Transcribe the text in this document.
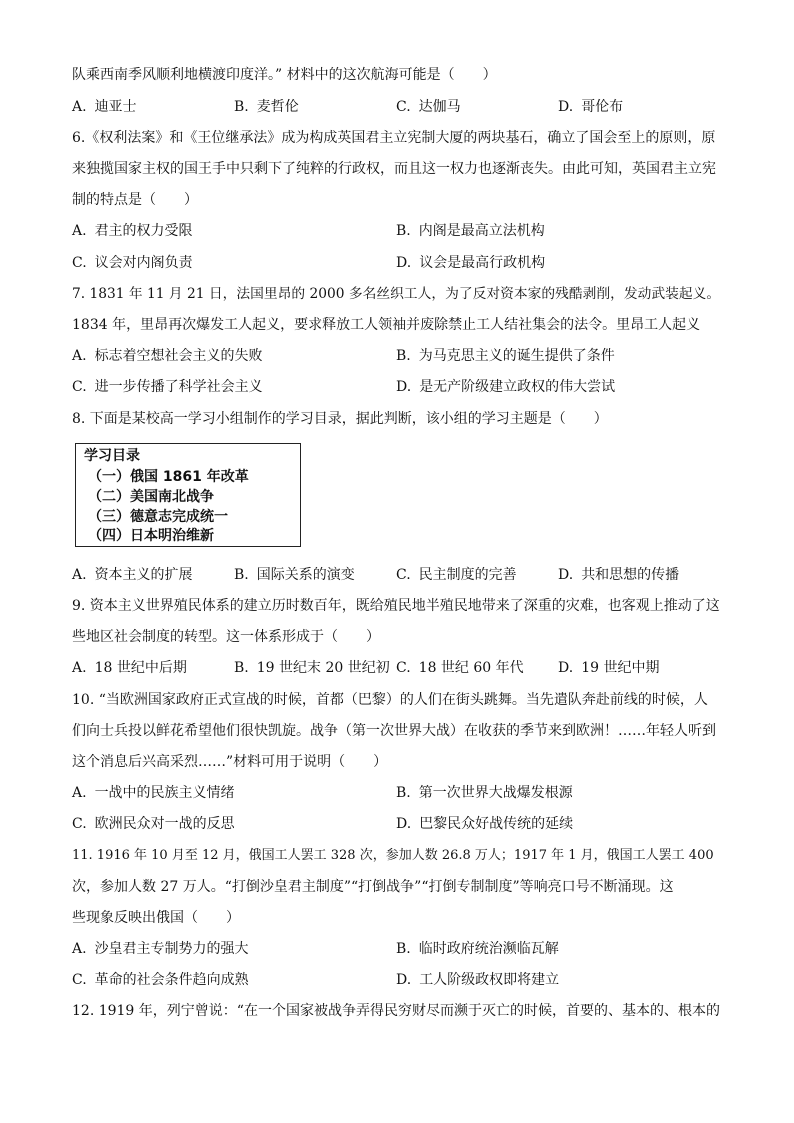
队乘西南季风顺利地横渡印度洋。” 材料中的这次航海可能是（　　）
A. 迪亚士	B. 麦哲伦	C. 达伽马	D. 哥伦布
6.《权利法案》和《王位继承法》成为构成英国君主立宪制大厦的两块基石，确立了国会至上的原则，原
来独揽国家主权的国王手中只剩下了纯粹的行政权，而且这一权力也逐渐丧失。由此可知，英国君主立宪
制的特点是（　　）
A. 君主的权力受限	B. 内阁是最高立法机构
C. 议会对内阁负责	D. 议会是最高行政机构
7. 1831 年 11 月 21 日，法国里昂的 2000 多名丝织工人，为了反对资本家的残酷剥削，发动武装起义。
1834 年，里昂再次爆发工人起义，要求释放工人领袖并废除禁止工人结社集会的法令。里昂工人起义
A. 标志着空想社会主义的失败	B. 为马克思主义的诞生提供了条件
C. 进一步传播了科学社会主义	D. 是无产阶级建立政权的伟大尝试
8. 下面是某校高一学习小组制作的学习目录，据此判断，该小组的学习主题是（　　）
学习目录
（一）俄国 1861 年改革
（二）美国南北战争
（三）德意志完成统一
（四）日本明治维新
A. 资本主义的扩展	B. 国际关系的演变	C. 民主制度的完善	D. 共和思想的传播
9. 资本主义世界殖民体系的建立历时数百年，既给殖民地半殖民地带来了深重的灾难，也客观上推动了这
些地区社会制度的转型。这一体系形成于（　　）
A. 18 世纪中后期	B. 19 世纪末 20 世纪初 C. 18 世纪 60 年代 D. 19 世纪中期
10. “当欧洲国家政府正式宣战的时候，首都（巴黎）的人们在街头跳舞。当先遣队奔赴前线的时候，人
们向士兵投以鲜花希望他们很快凯旋。战争（第一次世界大战）在收获的季节来到欧洲！……年轻人听到
这个消息后兴高采烈……”材料可用于说明（　　）
A. 一战中的民族主义情绪	B. 第一次世界大战爆发根源
C. 欧洲民众对一战的反思	D. 巴黎民众好战传统的延续
11. 1916 年 10 月至 12 月，俄国工人罢工 328 次，参加人数 26.8 万人；1917 年 1 月，俄国工人罢工 400
次，参加人数 27 万人。“打倒沙皇君主制度”“打倒战争”“打倒专制制度”等响亮口号不断涌现。这
些现象反映出俄国（　　）
A. 沙皇君主专制势力的强大	B. 临时政府统治濒临瓦解
C. 革命的社会条件趋向成熟	D. 工人阶级政权即将建立
12. 1919 年，列宁曾说：“在一个国家被战争弄得民穷财尽而濒于灭亡的时候，首要的、基本的、根本的
